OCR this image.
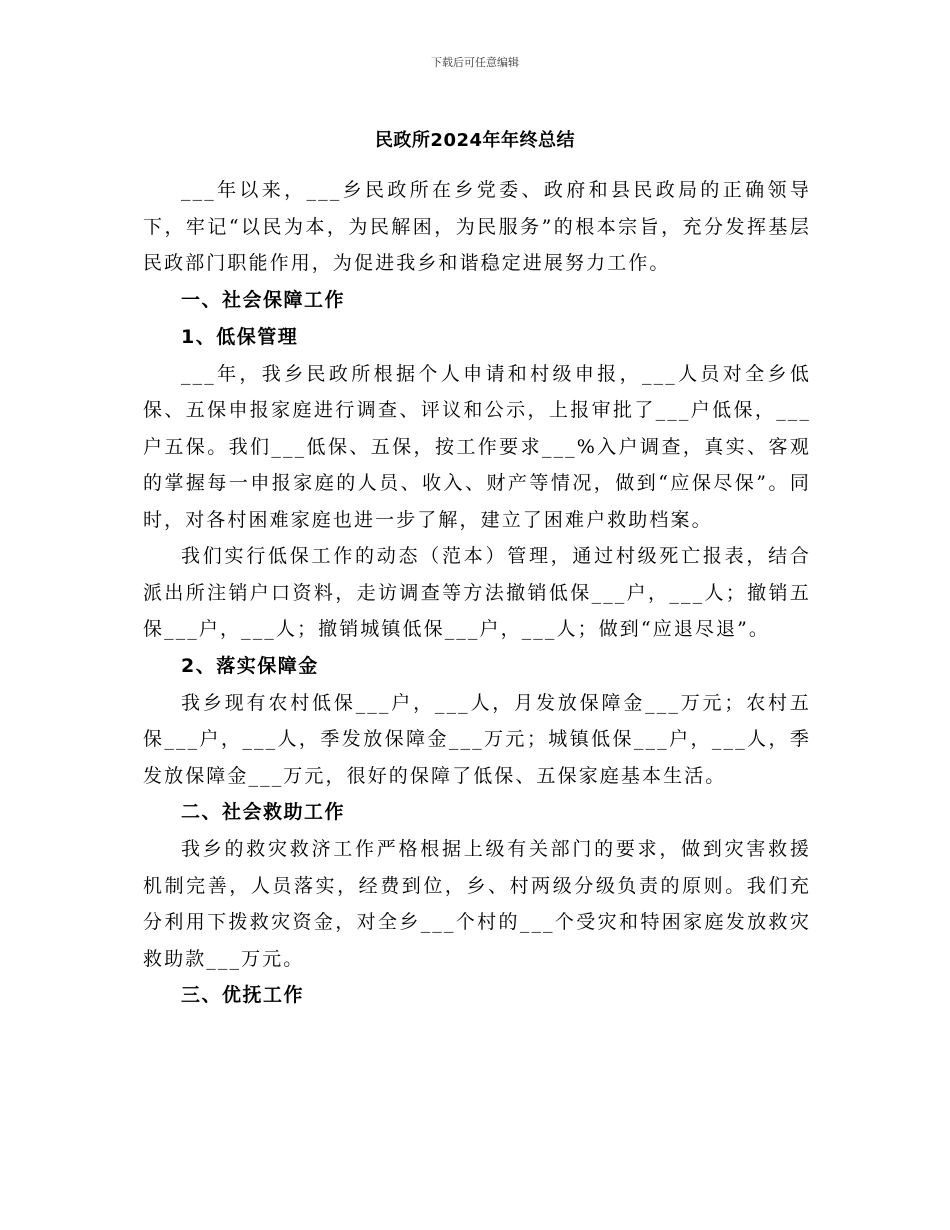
下载后可任意编辑
民政所2024年年终总结

___年以来，___乡民政所在乡党委、政府和县民政局的正确领导下，牢记“以民为本，为民解困，为民服务”的根本宗旨，充分发挥基层民政部门职能作用，为促进我乡和谐稳定进展努力工作。

一、社会保障工作

1、低保管理

___年，我乡民政所根据个人申请和村级申报，___人员对全乡低保、五保申报家庭进行调查、评议和公示，上报审批了___户低保，___户五保。我们___低保、五保，按工作要求___%入户调查，真实、客观的掌握每一申报家庭的人员、收入、财产等情况，做到“应保尽保”。同时，对各村困难家庭也进一步了解，建立了困难户救助档案。

我们实行低保工作的动态（范本）管理，通过村级死亡报表，结合派出所注销户口资料，走访调查等方法撤销低保___户，___人；撤销五保___户，___人；撤销城镇低保___户，___人；做到“应退尽退”。

2、落实保障金

我乡现有农村低保___户，___人，月发放保障金___万元；农村五保___户，___人，季发放保障金___万元；城镇低保___户，___人，季发放保障金___万元，很好的保障了低保、五保家庭基本生活。

二、社会救助工作

我乡的救灾救济工作严格根据上级有关部门的要求，做到灾害救援机制完善，人员落实，经费到位，乡、村两级分级负责的原则。我们充分利用下拨救灾资金，对全乡___个村的___个受灾和特困家庭发放救灾救助款___万元。

三、优抚工作
